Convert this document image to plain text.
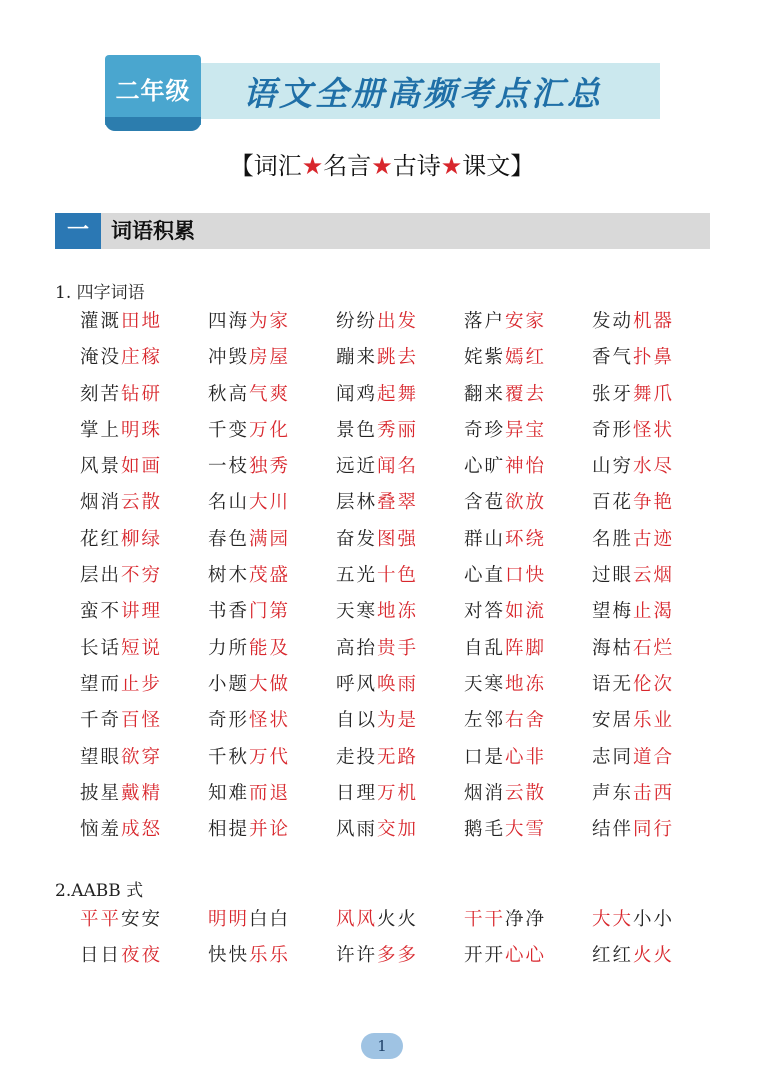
二年级	语文全册高频考点汇总
【词汇★名言★古诗★课文】
一	词语积累
1. 四字词语
灌溉田地	四海为家	纷纷出发	落户安家	发动机器
淹没庄稼	冲毁房屋	蹦来跳去	姹紫嫣红	香气扑鼻
刻苦钻研	秋高气爽	闻鸡起舞	翻来覆去	张牙舞爪
掌上明珠	千变万化	景色秀丽	奇珍异宝	奇形怪状
风景如画	一枝独秀	远近闻名	心旷神怡	山穷水尽
烟消云散	名山大川	层林叠翠	含苞欲放	百花争艳
花红柳绿	春色满园	奋发图强	群山环绕	名胜古迹
层出不穷	树木茂盛	五光十色	心直口快	过眼云烟
蛮不讲理	书香门第	天寒地冻	对答如流	望梅止渴
长话短说	力所能及	高抬贵手	自乱阵脚	海枯石烂
望而止步	小题大做	呼风唤雨	天寒地冻	语无伦次
千奇百怪	奇形怪状	自以为是	左邻右舍	安居乐业
望眼欲穿	千秋万代	走投无路	口是心非	志同道合
披星戴精	知难而退	日理万机	烟消云散	声东击西
恼羞成怒	相提并论	风雨交加	鹅毛大雪	结伴同行
2.AABB 式
平平安安	明明白白	风风火火	干干净净	大大小小
日日夜夜	快快乐乐	许许多多	开开心心	红红火火
1
